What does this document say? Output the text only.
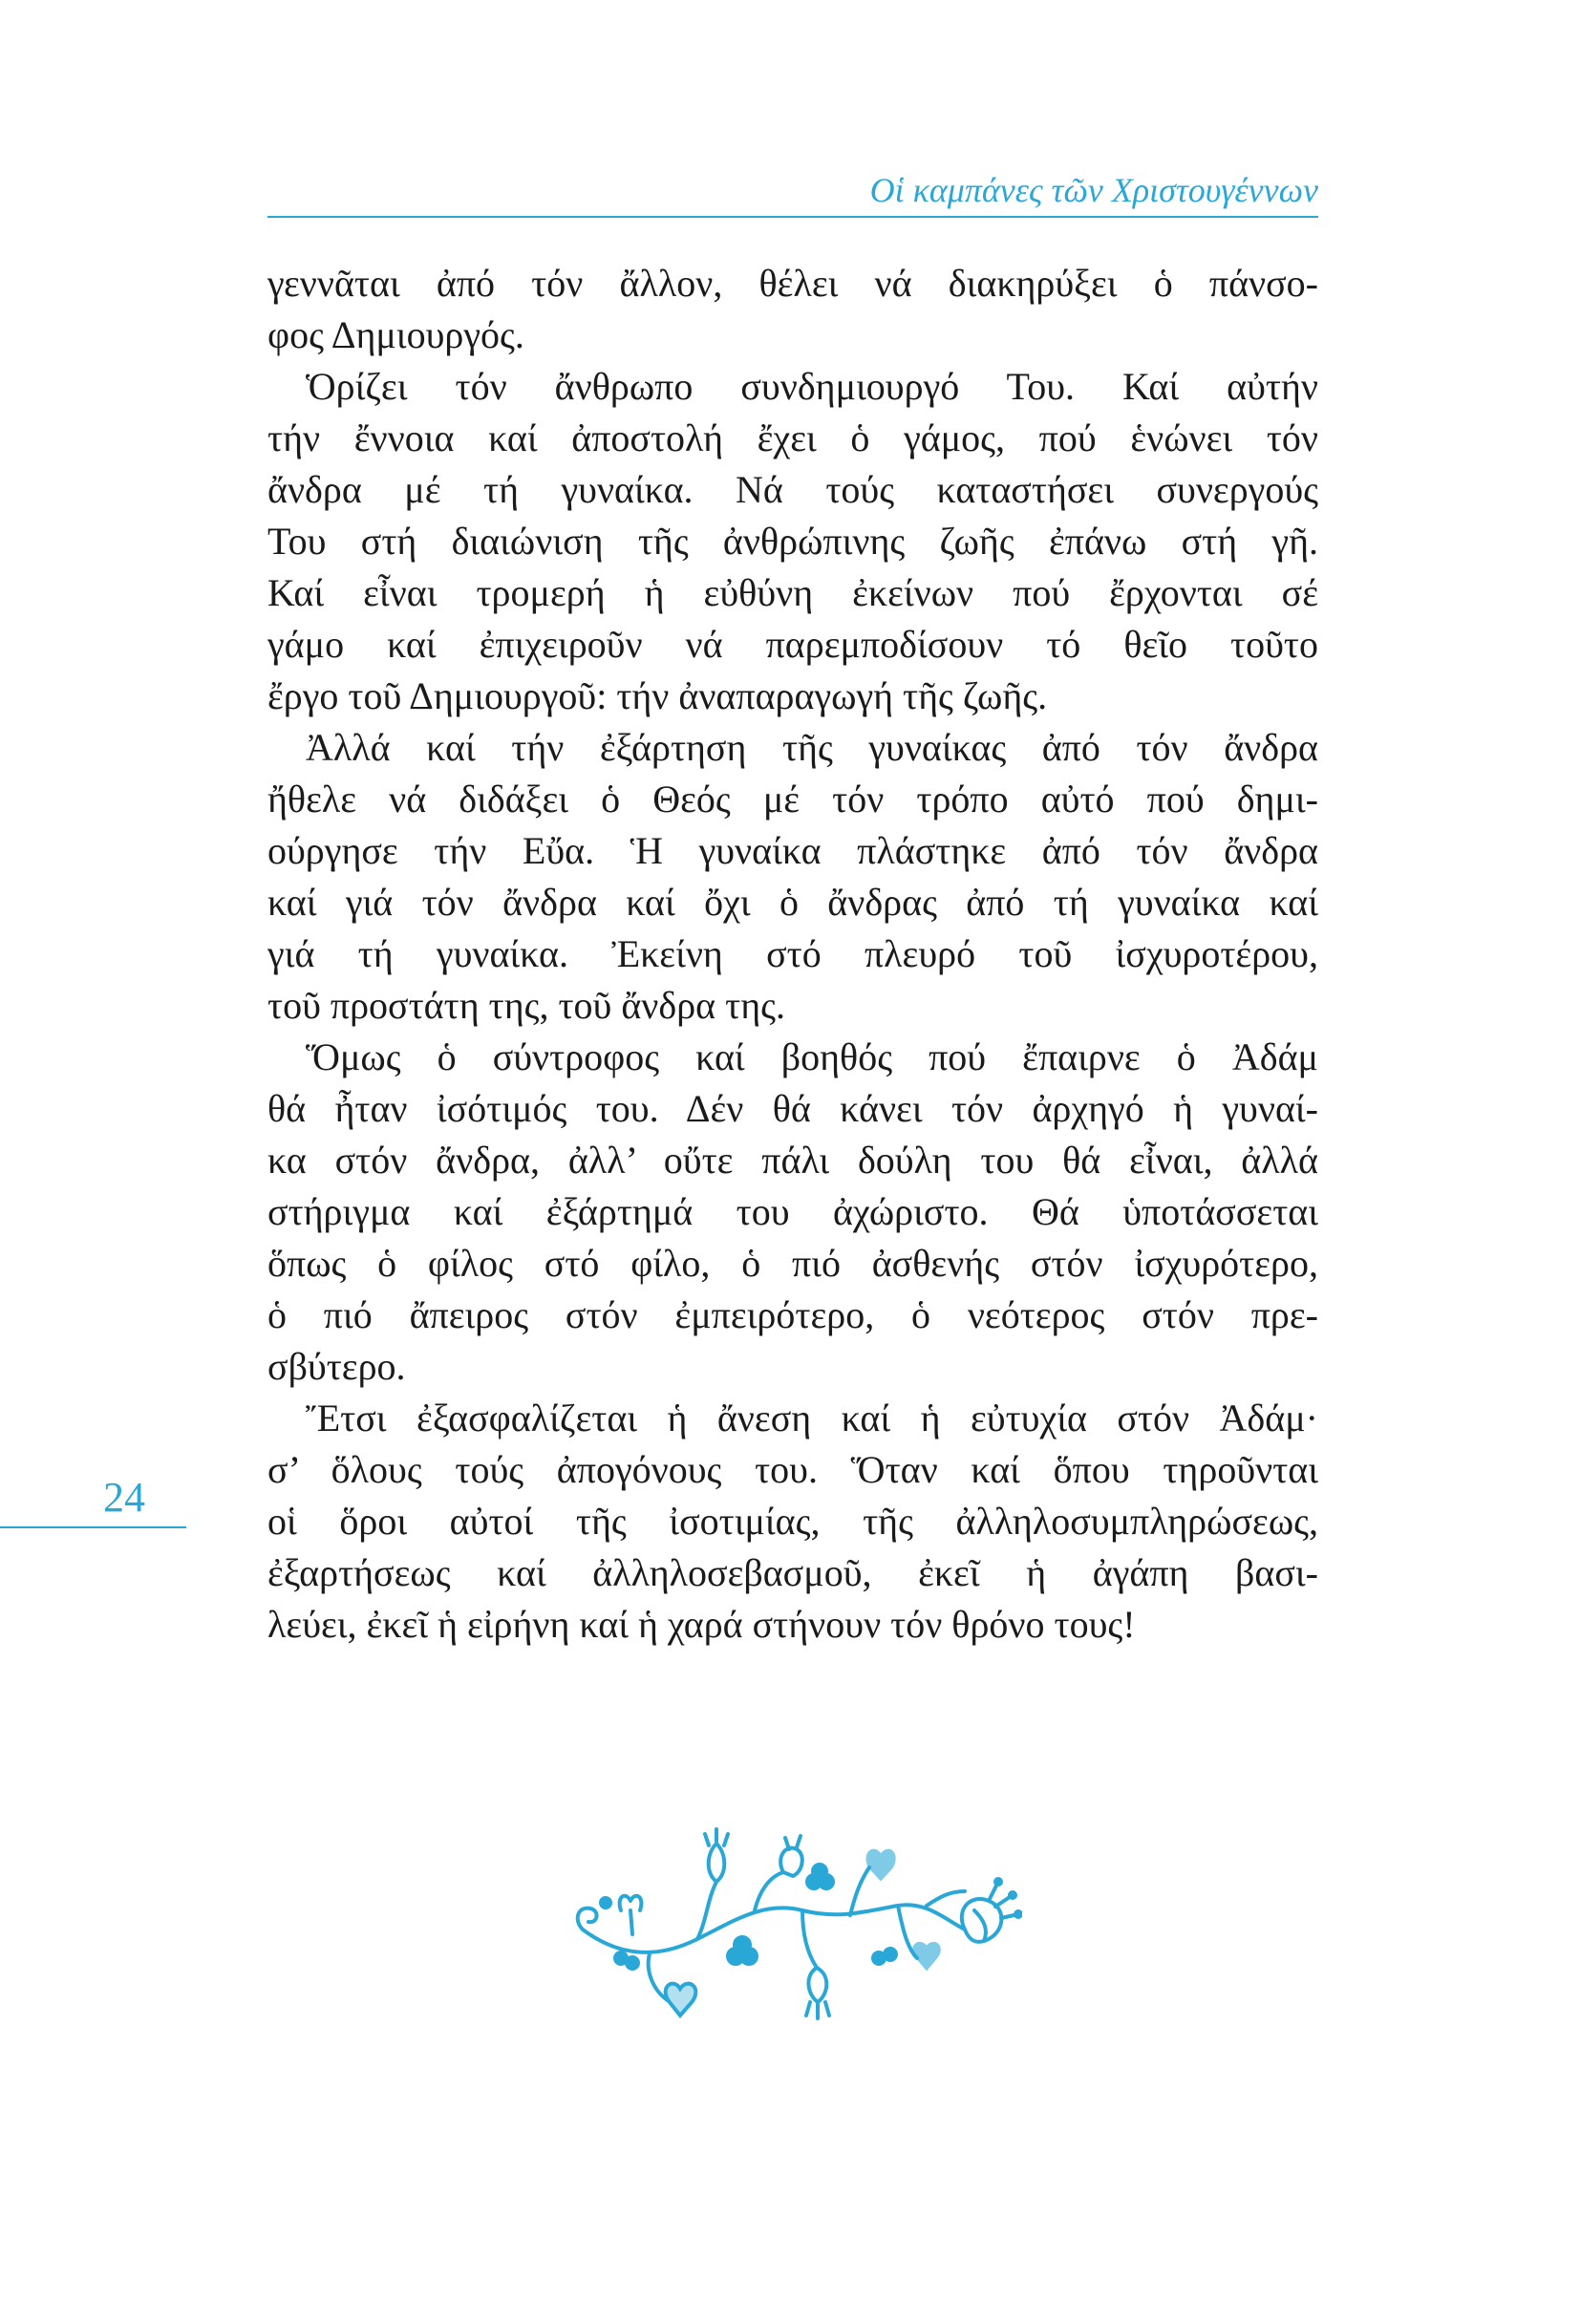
Οἱ καμπάνες τῶν Χριστουγέννων
γεννᾶται ἀπό τόν ἄλλον, θέλει νά διακηρύξει ὁ πάνσο-
φος Δημιουργός.
Ὁρίζει τόν ἄνθρωπο συνδημιουργό Του. Καί αὐτήν
τήν ἔννοια καί ἀποστολή ἔχει ὁ γάμος, πού ἑνώνει τόν
ἄνδρα μέ τή γυναίκα. Νά τούς καταστήσει συνεργούς
Του στή διαιώνιση τῆς ἀνθρώπινης ζωῆς ἐπάνω στή γῆ.
Καί εἶναι τρομερή ἡ εὐθύνη ἐκείνων πού ἔρχονται σέ
γάμο καί ἐπιχειροῦν νά παρεμποδίσουν τό θεῖο τοῦτο
ἔργο τοῦ Δημιουργοῦ: τήν ἀναπαραγωγή τῆς ζωῆς.
Ἀλλά καί τήν ἐξάρτηση τῆς γυναίκας ἀπό τόν ἄνδρα
ἤθελε νά διδάξει ὁ Θεός μέ τόν τρόπο αὐτό πού δημι-
ούργησε τήν Εὔα. Ἡ γυναίκα πλάστηκε ἀπό τόν ἄνδρα
καί γιά τόν ἄνδρα καί ὄχι ὁ ἄνδρας ἀπό τή γυναίκα καί
γιά τή γυναίκα. Ἐκείνη στό πλευρό τοῦ ἰσχυροτέρου,
τοῦ προστάτη της, τοῦ ἄνδρα της.
Ὅμως ὁ σύντροφος καί βοηθός πού ἔπαιρνε ὁ Ἀδάμ
θά ἦταν ἰσότιμός του. Δέν θά κάνει τόν ἀρχηγό ἡ γυναί-
κα στόν ἄνδρα, ἀλλ’ οὔτε πάλι δούλη του θά εἶναι, ἀλλά
στήριγμα καί ἐξάρτημά του ἀχώριστο. Θά ὑποτάσσεται
ὅπως ὁ φίλος στό φίλο, ὁ πιό ἀσθενής στόν ἰσχυρότερο,
ὁ πιό ἄπειρος στόν ἐμπειρότερο, ὁ νεότερος στόν πρε-
σβύτερο.
Ἔτσι ἐξασφαλίζεται ἡ ἄνεση καί ἡ εὐτυχία στόν Ἀδάμ·
σ’ ὅλους τούς ἀπογόνους του. Ὅταν καί ὅπου τηροῦνται
οἱ ὅροι αὐτοί τῆς ἰσοτιμίας, τῆς ἀλληλοσυμπληρώσεως,
ἐξαρτήσεως καί ἀλληλοσεβασμοῦ, ἐκεῖ ἡ ἀγάπη βασι-
λεύει, ἐκεῖ ἡ εἰρήνη καί ἡ χαρά στήνουν τόν θρόνο τους!
24
